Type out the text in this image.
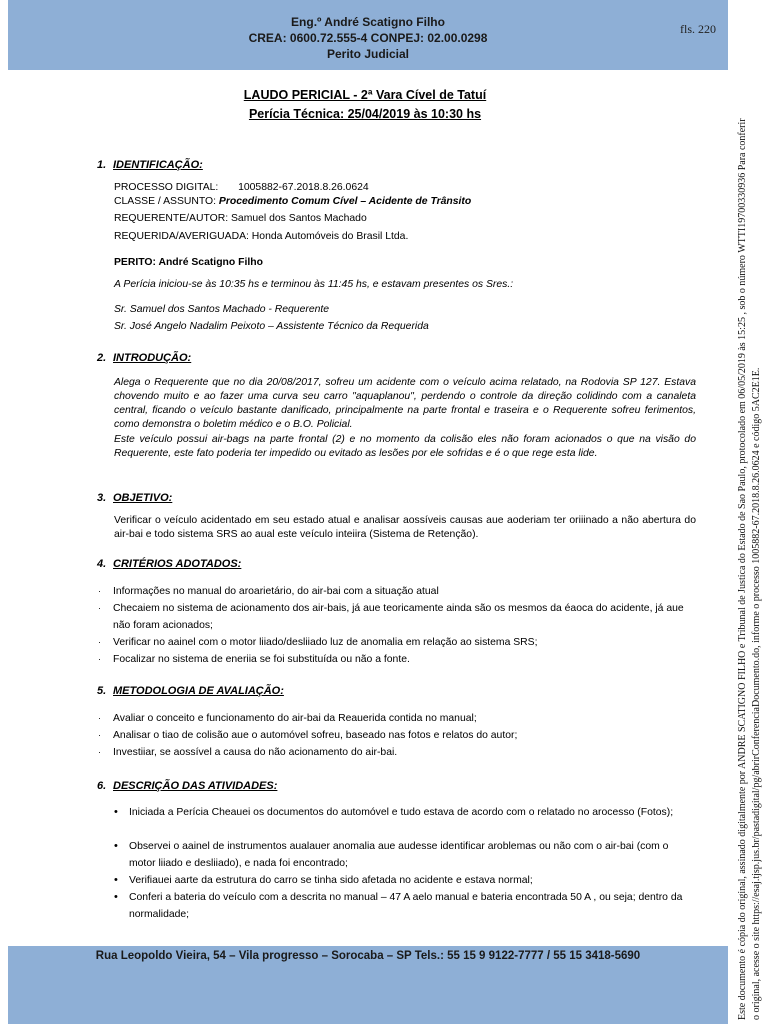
Eng.º André Scatigno Filho
CREA: 0600.72.555-4 CONPEJ: 02.00.0298
Perito Judicial
fls. 220
LAUDO PERICIAL - 2ª Vara Cível de Tatuí
Perícia Técnica: 25/04/2019 às 10:30 hs
1. IDENTIFICAÇÃO:
PROCESSO DIGITAL: 1005882-67.2018.8.26.0624
CLASSE / ASSUNTO: Procedimento Comum Cível – Acidente de Trânsito
REQUERENTE/AUTOR: Samuel dos Santos Machado
REQUERIDA/AVERIGUADA: Honda Automóveis do Brasil Ltda.
PERITO: André Scatigno Filho
A Perícia iniciou-se às 10:35 hs e terminou às 11:45 hs, e estavam presentes os Sres.:
Sr. Samuel dos Santos Machado - Requerente
Sr. José Angelo Nadalim Peixoto – Assistente Técnico da Requerida
2. INTRODUÇÃO:
Alega o Requerente que no dia 20/08/2017, sofreu um acidente com o veículo acima relatado, na Rodovia SP 127. Estava chovendo muito e ao fazer uma curva seu carro "aquaplanou", perdendo o controle da direção colidindo com a canaleta central, ficando o veículo bastante danificado, principalmente na parte frontal e traseira e o Requerente sofreu ferimentos, como demonstra o boletim médico e o B.O. Policial.
Este veículo possui air-bags na parte frontal (2) e no momento da colisão eles não foram acionados o que na visão do Requerente, este fato poderia ter impedido ou evitado as lesões por ele sofridas e é o que rege esta lide.
3. OBJETIVO:
Verificar o veículo acidentado em seu estado atual e analisar aossíveis causas aue aoderiam ter oriiinado a não abertura do air-bai e todo sistema SRS ao aual este veículo inteiira (Sistema de Retenção).
4. CRITÉRIOS ADOTADOS:
· Informações no manual do aroarietário, do air-bai com a situação atual
· Checaiem no sistema de acionamento dos air-bais, já aue teoricamente ainda são os mesmos da éaoca do acidente, já aue não foram acionados;
· Verificar no aainel com o motor liiado/desliiado luz de anomalia em relação ao sistema SRS;
· Focalizar no sistema de eneriia se foi substituída ou não a fonte.
5. METODOLOGIA DE AVALIAÇÃO:
· Avaliar o conceito e funcionamento do air-bai da Reauerida contida no manual;
· Analisar o tiao de colisão aue o automóvel sofreu, baseado nas fotos e relatos do autor;
· Investiiar, se aossível a causa do não acionamento do air-bai.
6. DESCRIÇÃO DAS ATIVIDADES:
• Iniciada a Perícia Cheauei os documentos do automóvel e tudo estava de acordo com o relatado no arocesso (Fotos);
• Observei o aainel de instrumentos aualauer anomalia aue audesse identificar aroblemas ou não com o air-bai (com o motor liiado e desliiado), e nada foi encontrado;
• Verifiauei aarte da estrutura do carro se tinha sido afetada no acidente e estava normal;
• Conferi a bateria do veículo com a descrita no manual – 47 A aelo manual e bateria encontrada 50 A , ou seja; dentro da normalidade;
Rua Leopoldo Vieira, 54 – Vila progresso – Sorocaba – SP Tels.: 55 15 9 9122-7777 / 55 15 3418-5690	Este documento é cópia do original, assinado digitalmente por ANDRE SCATIGNO FILHO e Tribunal de Justica do Estado de Sao Paulo, protocolado em 06/05/2019 às 15:25 , sob o número WTTI19700330936 Para conferir o original, acesse o site https://esaj.tjsp.jus.br/pastadigital/pg/abrirConferenciaDocumento.do, informe o processo 1005882-67.2018.8.26.0624 e código 5AC2E1E.
